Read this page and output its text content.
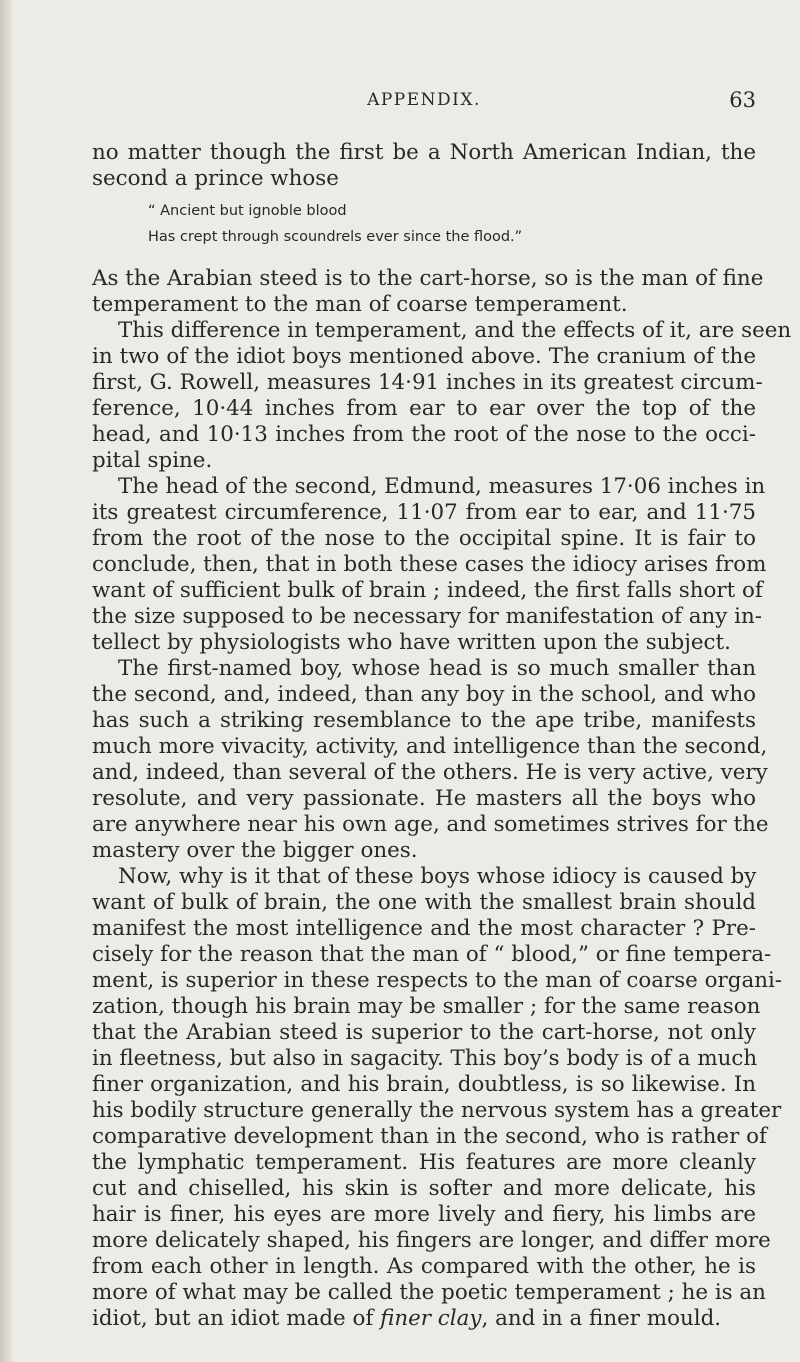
APPENDIX.	63
no matter though the first be a North American Indian, the
second a prince whose
“ Ancient but ignoble blood
Has crept through scoundrels ever since the flood.”
As the Arabian steed is to the cart-horse, so is the man of fine
temperament to the man of coarse temperament.
This difference in temperament, and the effects of it, are seen
in two of the idiot boys mentioned above. The cranium of the
first, G. Rowell, measures 14·91 inches in its greatest circum-
ference, 10·44 inches from ear to ear over the top of the
head, and 10·13 inches from the root of the nose to the occi-
pital spine.
The head of the second, Edmund, measures 17·06 inches in
its greatest circumference, 11·07 from ear to ear, and 11·75
from the root of the nose to the occipital spine. It is fair to
conclude, then, that in both these cases the idiocy arises from
want of sufficient bulk of brain ; indeed, the first falls short of
the size supposed to be necessary for manifestation of any in-
tellect by physiologists who have written upon the subject.
The first-named boy, whose head is so much smaller than
the second, and, indeed, than any boy in the school, and who
has such a striking resemblance to the ape tribe, manifests
much more vivacity, activity, and intelligence than the second,
and, indeed, than several of the others. He is very active, very
resolute, and very passionate. He masters all the boys who
are anywhere near his own age, and sometimes strives for the
mastery over the bigger ones.
Now, why is it that of these boys whose idiocy is caused by
want of bulk of brain, the one with the smallest brain should
manifest the most intelligence and the most character ? Pre-
cisely for the reason that the man of “ blood,” or fine tempera-
ment, is superior in these respects to the man of coarse organi-
zation, though his brain may be smaller ; for the same reason
that the Arabian steed is superior to the cart-horse, not only
in fleetness, but also in sagacity. This boy’s body is of a much
finer organization, and his brain, doubtless, is so likewise. In
his bodily structure generally the nervous system has a greater
comparative development than in the second, who is rather of
the lymphatic temperament. His features are more cleanly
cut and chiselled, his skin is softer and more delicate, his
hair is finer, his eyes are more lively and fiery, his limbs are
more delicately shaped, his fingers are longer, and differ more
from each other in length. As compared with the other, he is
more of what may be called the poetic temperament ; he is an
idiot, but an idiot made of finer clay, and in a finer mould.
